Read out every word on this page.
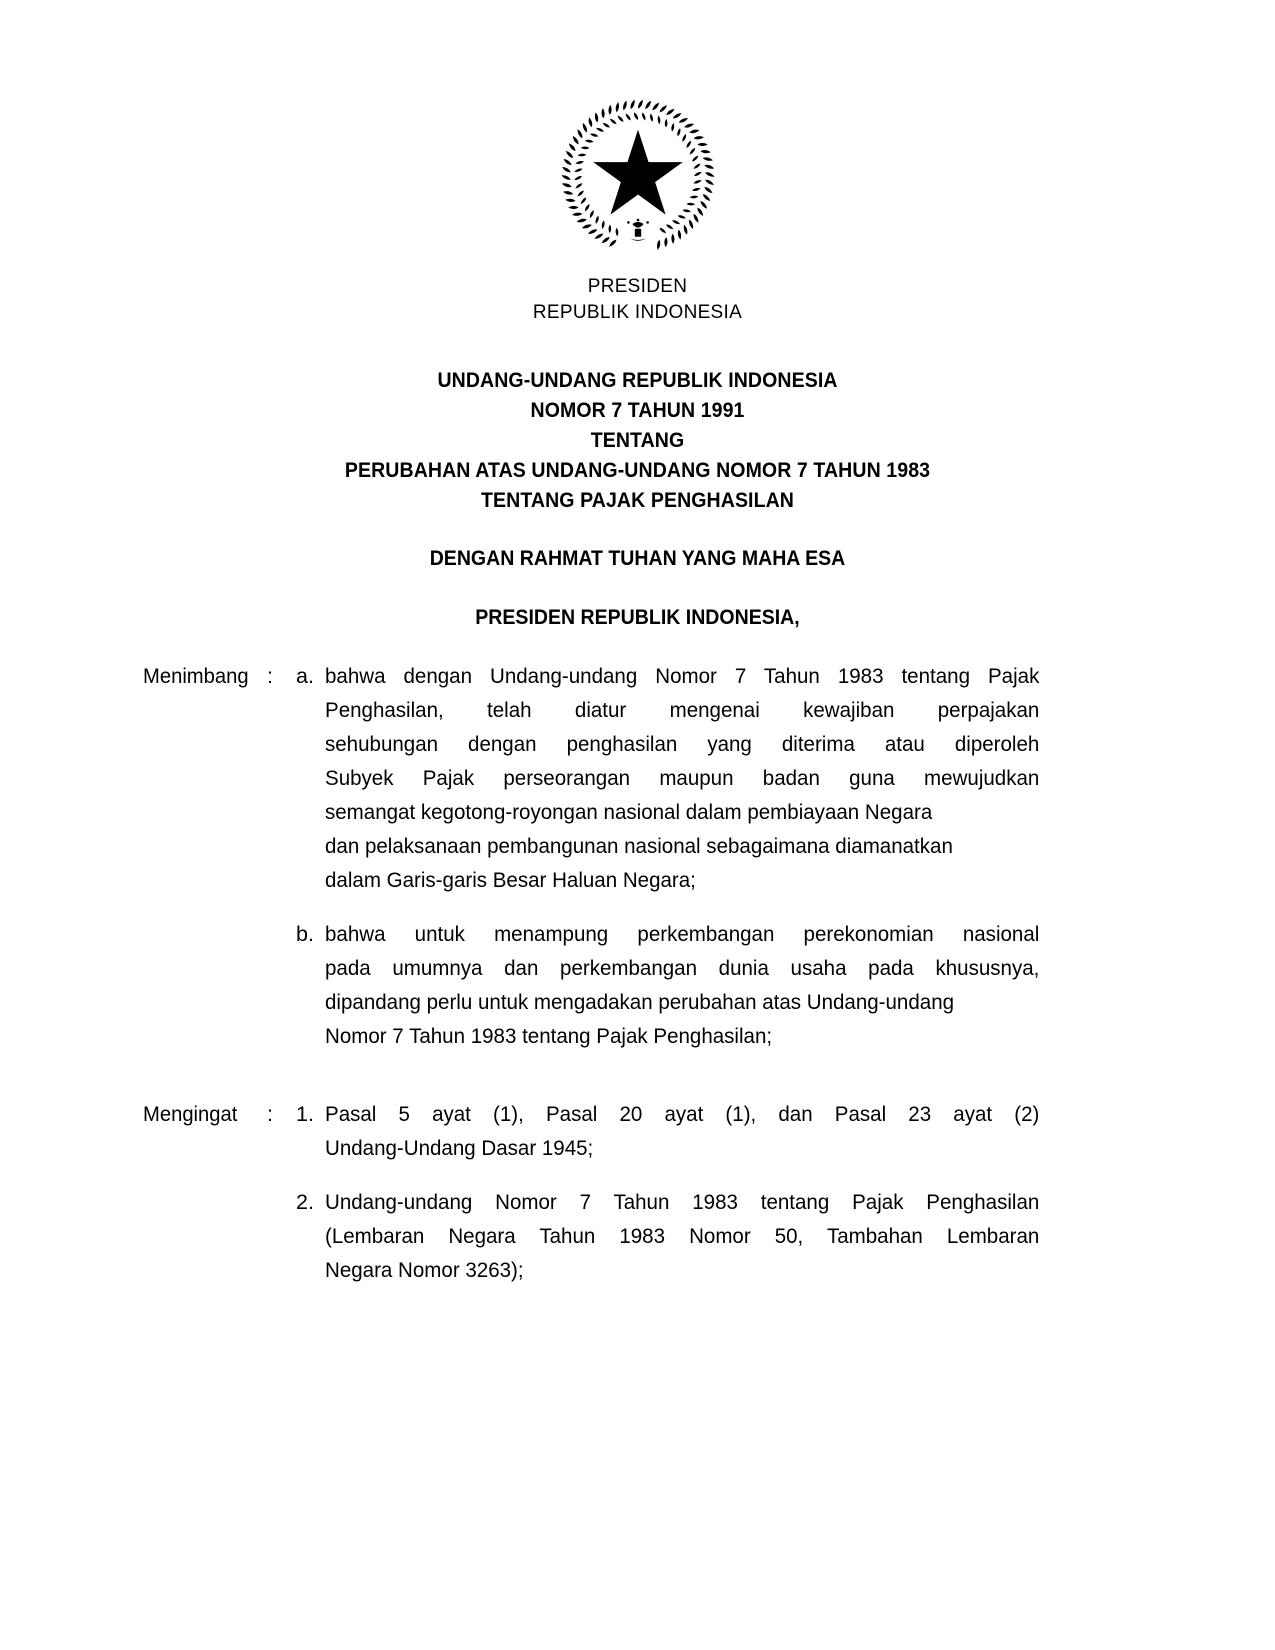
PRESIDEN
REPUBLIK INDONESIA
UNDANG-UNDANG REPUBLIK INDONESIA
NOMOR 7 TAHUN 1991
TENTANG
PERUBAHAN ATAS UNDANG-UNDANG NOMOR 7 TAHUN 1983
TENTANG PAJAK PENGHASILAN
DENGAN RAHMAT TUHAN YANG MAHA ESA
PRESIDEN REPUBLIK INDONESIA,
Menimbang :	a. bahwa dengan Undang-undang Nomor 7 Tahun 1983 tentang Pajak
Penghasilan, telah diatur mengenai kewajiban perpajakan
sehubungan dengan penghasilan yang diterima atau diperoleh
Subyek Pajak perseorangan maupun badan guna mewujudkan
semangat kegotong-royongan nasional dalam pembiayaan Negara
dan pelaksanaan pembangunan nasional sebagaimana diamanatkan
dalam Garis-garis Besar Haluan Negara;
b. bahwa untuk menampung perkembangan perekonomian nasional
pada umumnya dan perkembangan dunia usaha pada khususnya,
dipandang perlu untuk mengadakan perubahan atas Undang-undang
Nomor 7 Tahun 1983 tentang Pajak Penghasilan;
Mengingat	:	1. Pasal 5 ayat (1), Pasal 20 ayat (1), dan Pasal 23 ayat (2)
Undang-Undang Dasar 1945;
2. Undang-undang Nomor 7 Tahun 1983 tentang Pajak Penghasilan
(Lembaran Negara Tahun 1983 Nomor 50, Tambahan Lembaran
Negara Nomor 3263);
